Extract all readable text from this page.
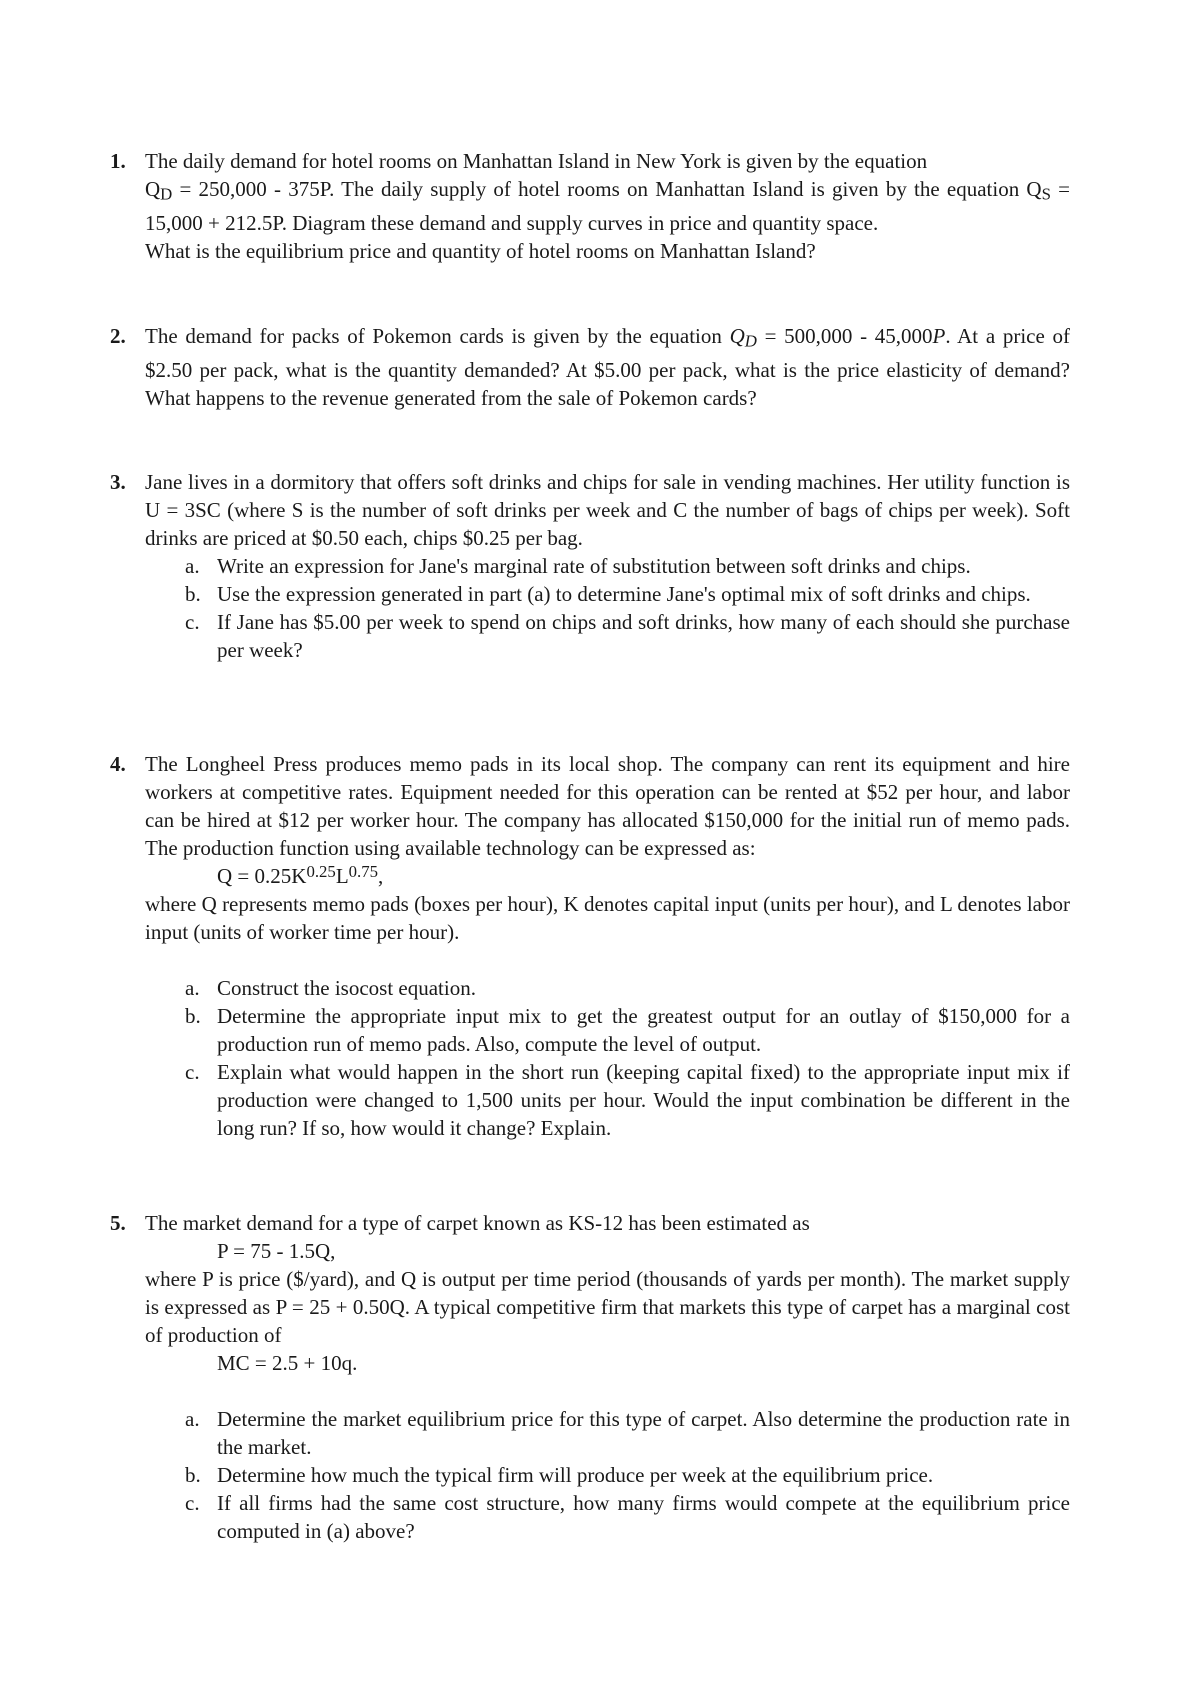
1. The daily demand for hotel rooms on Manhattan Island in New York is given by the equation
QD = 250,000 - 375P. The daily supply of hotel rooms on Manhattan Island is given by the equation QS = 15,000 + 212.5P. Diagram these demand and supply curves in price and quantity space.
What is the equilibrium price and quantity of hotel rooms on Manhattan Island?
2. The demand for packs of Pokemon cards is given by the equation QD = 500,000 - 45,000P. At a price of $2.50 per pack, what is the quantity demanded? At $5.00 per pack, what is the price elasticity of demand? What happens to the revenue generated from the sale of Pokemon cards?
3. Jane lives in a dormitory that offers soft drinks and chips for sale in vending machines. Her utility function is U = 3SC (where S is the number of soft drinks per week and C the number of bags of chips per week). Soft drinks are priced at $0.50 each, chips $0.25 per bag.
a. Write an expression for Jane's marginal rate of substitution between soft drinks and chips.
b. Use the expression generated in part (a) to determine Jane's optimal mix of soft drinks and chips.
c. If Jane has $5.00 per week to spend on chips and soft drinks, how many of each should she purchase per week?
4. The Longheel Press produces memo pads in its local shop. The company can rent its equipment and hire workers at competitive rates. Equipment needed for this operation can be rented at $52 per hour, and labor can be hired at $12 per worker hour. The company has allocated $150,000 for the initial run of memo pads. The production function using available technology can be expressed as:
$Q = 0.25K^{0.25}L^{0.75}$,
where Q represents memo pads (boxes per hour), K denotes capital input (units per hour), and L denotes labor input (units of worker time per hour).
a. Construct the isocost equation.
b. Determine the appropriate input mix to get the greatest output for an outlay of $150,000 for a production run of memo pads. Also, compute the level of output.
c. Explain what would happen in the short run (keeping capital fixed) to the appropriate input mix if production were changed to 1,500 units per hour. Would the input combination be different in the long run? If so, how would it change? Explain.
5. The market demand for a type of carpet known as KS-12 has been estimated as
P = 75 - 1.5Q,
where P is price ($/yard), and Q is output per time period (thousands of yards per month). The market supply is expressed as P = 25 + 0.50Q. A typical competitive firm that markets this type of carpet has a marginal cost of production of
MC = 2.5 + 10q.
a. Determine the market equilibrium price for this type of carpet. Also determine the production rate in the market.
b. Determine how much the typical firm will produce per week at the equilibrium price.
c. If all firms had the same cost structure, how many firms would compete at the equilibrium price computed in (a) above?
